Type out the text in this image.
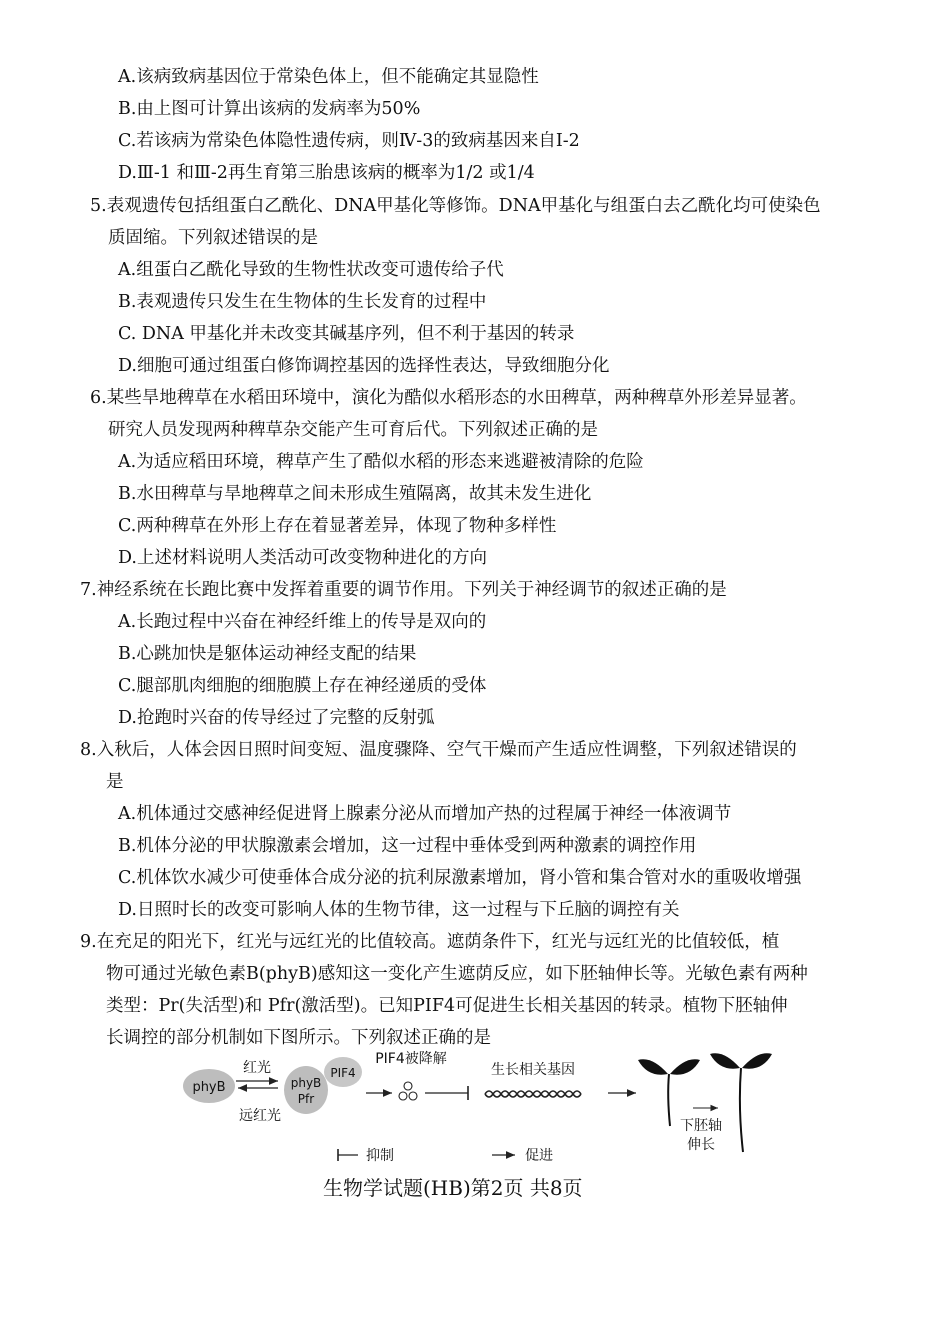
A.该病致病基因位于常染色体上，但不能确定其显隐性
B.由上图可计算出该病的发病率为50%
C.若该病为常染色体隐性遗传病，则Ⅳ-3的致病基因来自Ⅰ-2
D.Ⅲ-1 和Ⅲ-2再生育第三胎患该病的概率为1/2 或1/4
5.表观遗传包括组蛋白乙酰化、DNA甲基化等修饰。DNA甲基化与组蛋白去乙酰化均可使染色
质固缩。下列叙述错误的是
A.组蛋白乙酰化导致的生物性状改变可遗传给子代
B.表观遗传只发生在生物体的生长发育的过程中
C. DNA 甲基化并未改变其碱基序列，但不利于基因的转录
D.细胞可通过组蛋白修饰调控基因的选择性表达，导致细胞分化
6.某些旱地稗草在水稻田环境中，演化为酷似水稻形态的水田稗草，两种稗草外形差异显著。
研究人员发现两种稗草杂交能产生可育后代。下列叙述正确的是
A.为适应稻田环境，稗草产生了酷似水稻的形态来逃避被清除的危险
B.水田稗草与旱地稗草之间未形成生殖隔离，故其未发生进化
C.两种稗草在外形上存在着显著差异，体现了物种多样性
D.上述材料说明人类活动可改变物种进化的方向
7.神经系统在长跑比赛中发挥着重要的调节作用。下列关于神经调节的叙述正确的是
A.长跑过程中兴奋在神经纤维上的传导是双向的
B.心跳加快是躯体运动神经支配的结果
C.腿部肌肉细胞的细胞膜上存在神经递质的受体
D.抢跑时兴奋的传导经过了完整的反射弧
8.入秋后，人体会因日照时间变短、温度骤降、空气干燥而产生适应性调整，下列叙述错误的
是
A.机体通过交感神经促进肾上腺素分泌从而增加产热的过程属于神经一体液调节
B.机体分泌的甲状腺激素会增加，这一过程中垂体受到两种激素的调控作用
C.机体饮水减少可使垂体合成分泌的抗利尿激素增加，肾小管和集合管对水的重吸收增强
D.日照时长的改变可影响人体的生物节律，这一过程与下丘脑的调控有关
9.在充足的阳光下，红光与远红光的比值较高。遮荫条件下，红光与远红光的比值较低，植
物可通过光敏色素B(phyB)感知这一变化产生遮荫反应，如下胚轴伸长等。光敏色素有两种
类型：Pr(失活型)和 Pfr(激活型)。已知PIF4可促进生长相关基因的转录。植物下胚轴伸
长调控的部分机制如下图所示。下列叙述正确的是
phyB
红光
远红光
phyB
Pfr
PIF4
PIF4被降解
生长相关基因
下胚轴
伸长
抑制	促进
生物学试题(HB)第2页 共8页
